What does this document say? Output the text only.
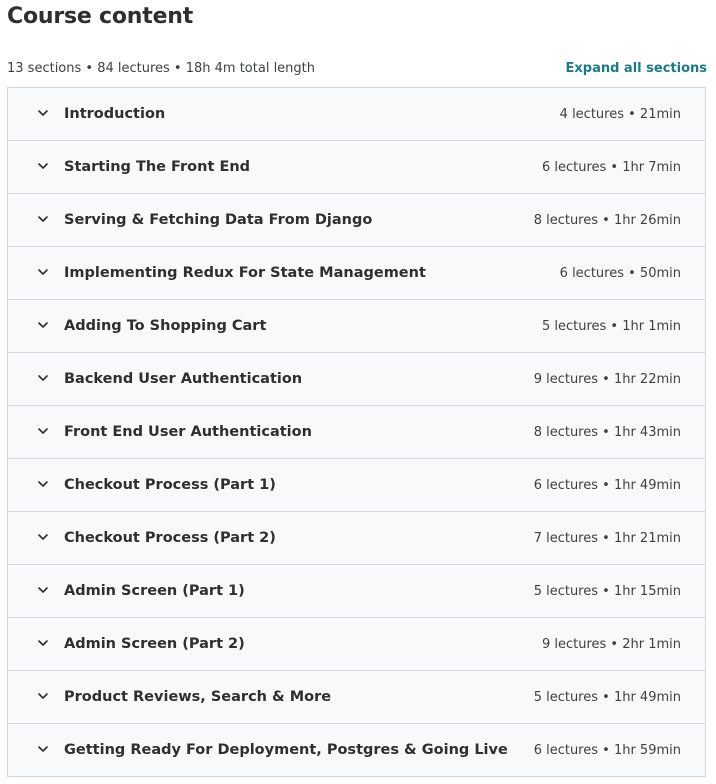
Course content
13 sections • 84 lectures • 18h 4m total length	Expand all sections
Introduction	4 lectures • 21min
Starting The Front End	6 lectures • 1hr 7min
Serving & Fetching Data From Django	8 lectures • 1hr 26min
Implementing Redux For State Management	6 lectures • 50min
Adding To Shopping Cart	5 lectures • 1hr 1min
Backend User Authentication	9 lectures • 1hr 22min
Front End User Authentication	8 lectures • 1hr 43min
Checkout Process (Part 1)	6 lectures • 1hr 49min
Checkout Process (Part 2)	7 lectures • 1hr 21min
Admin Screen (Part 1)	5 lectures • 1hr 15min
Admin Screen (Part 2)	9 lectures • 2hr 1min
Product Reviews, Search & More	5 lectures • 1hr 49min
Getting Ready For Deployment, Postgres & Going Live 6 lectures • 1hr 59min
